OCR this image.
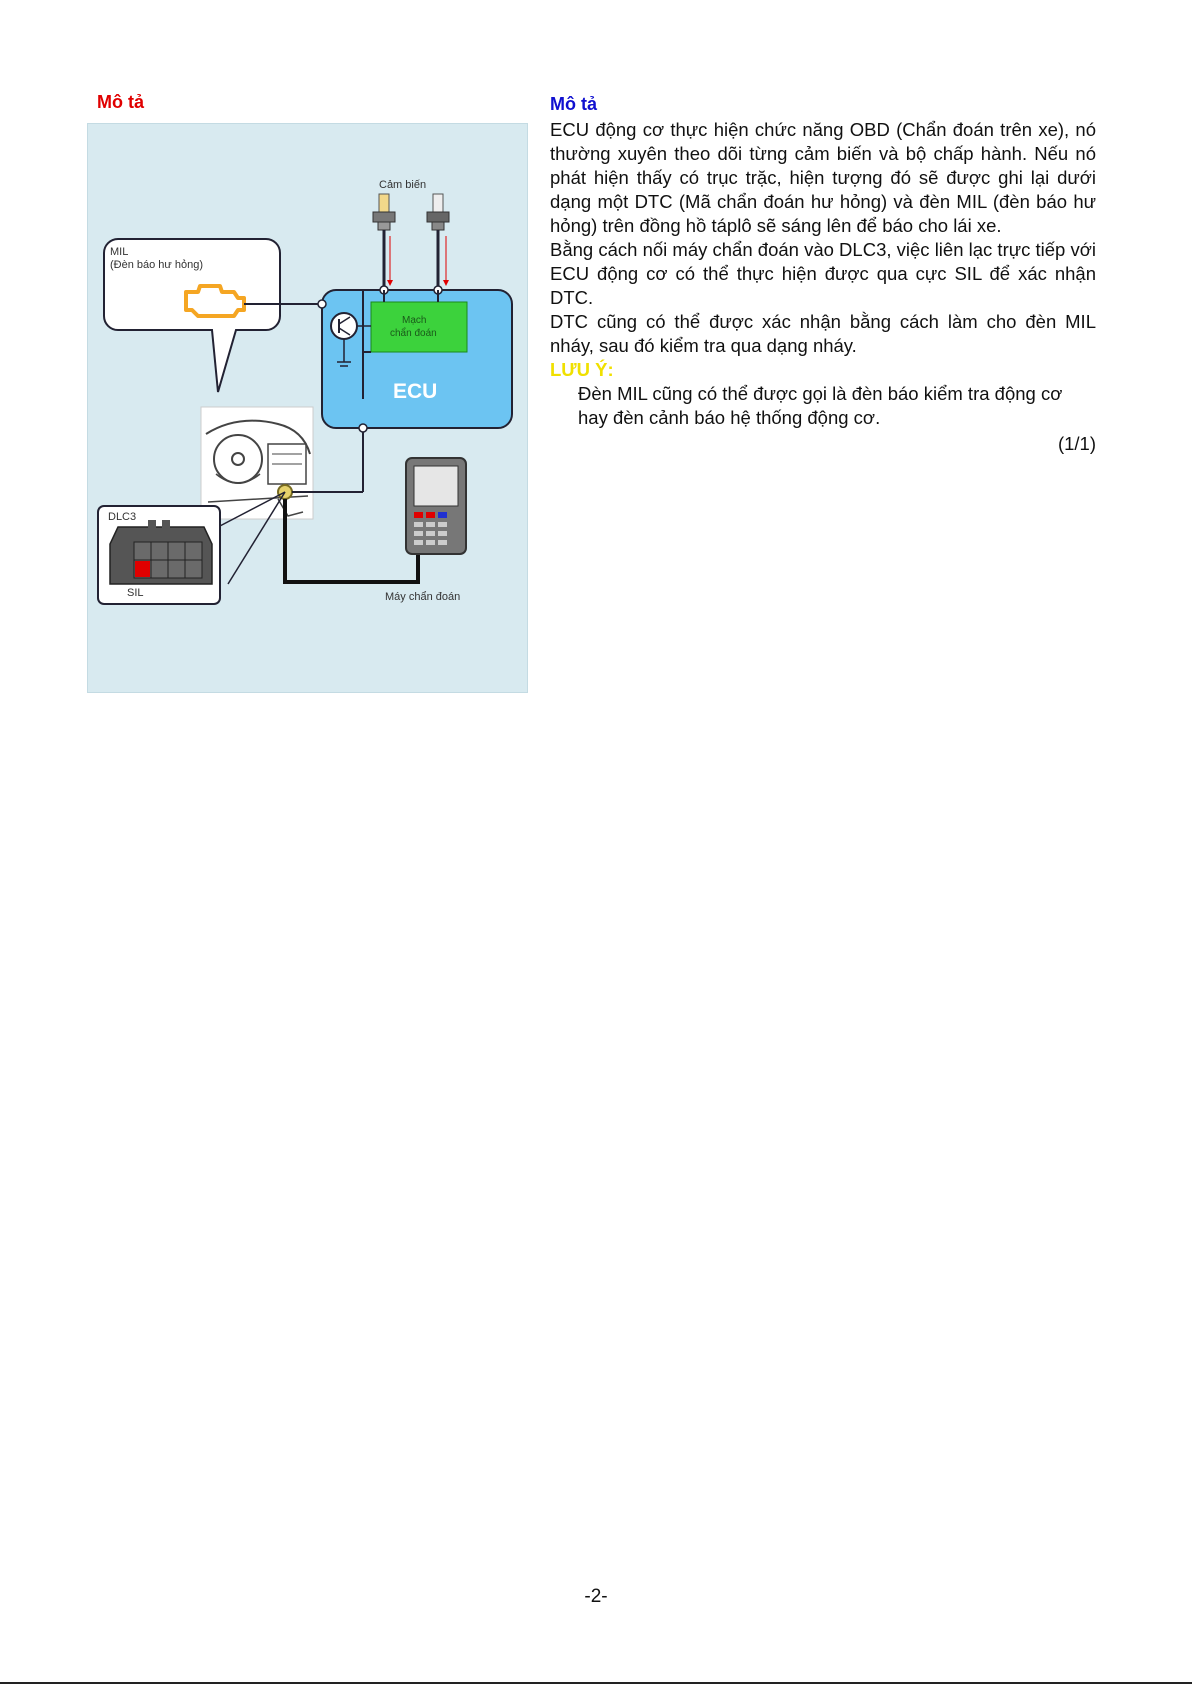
Mô tả
Cảm biến
MIL
(Đèn báo hư hỏng)
Mạch
chẩn đoán
ECU
DLC3
SIL	Máy chẩn đoán
Mô tả

ECU động cơ thực hiện chức năng OBD (Chẩn đoán trên xe), nó thường xuyên theo dõi từng cảm biến và bộ chấp hành. Nếu nó phát hiện thấy có trục trặc, hiện tượng đó sẽ được ghi lại dưới dạng một DTC (Mã chẩn đoán hư hỏng) và đèn MIL (đèn báo hư hỏng) trên đồng hồ táplô sẽ sáng lên để báo cho lái xe.

Bằng cách nối máy chẩn đoán vào DLC3, việc liên lạc trực tiếp với ECU động cơ có thể thực hiện được qua cực SIL để xác nhận DTC.

DTC cũng có thể được xác nhận bằng cách làm cho đèn MIL nháy, sau đó kiểm tra qua dạng nháy.

LƯU Ý:

Đèn MIL cũng có thể được gọi là đèn báo kiểm tra động cơ hay đèn cảnh báo hệ thống động cơ.

(1/1)
-2-
